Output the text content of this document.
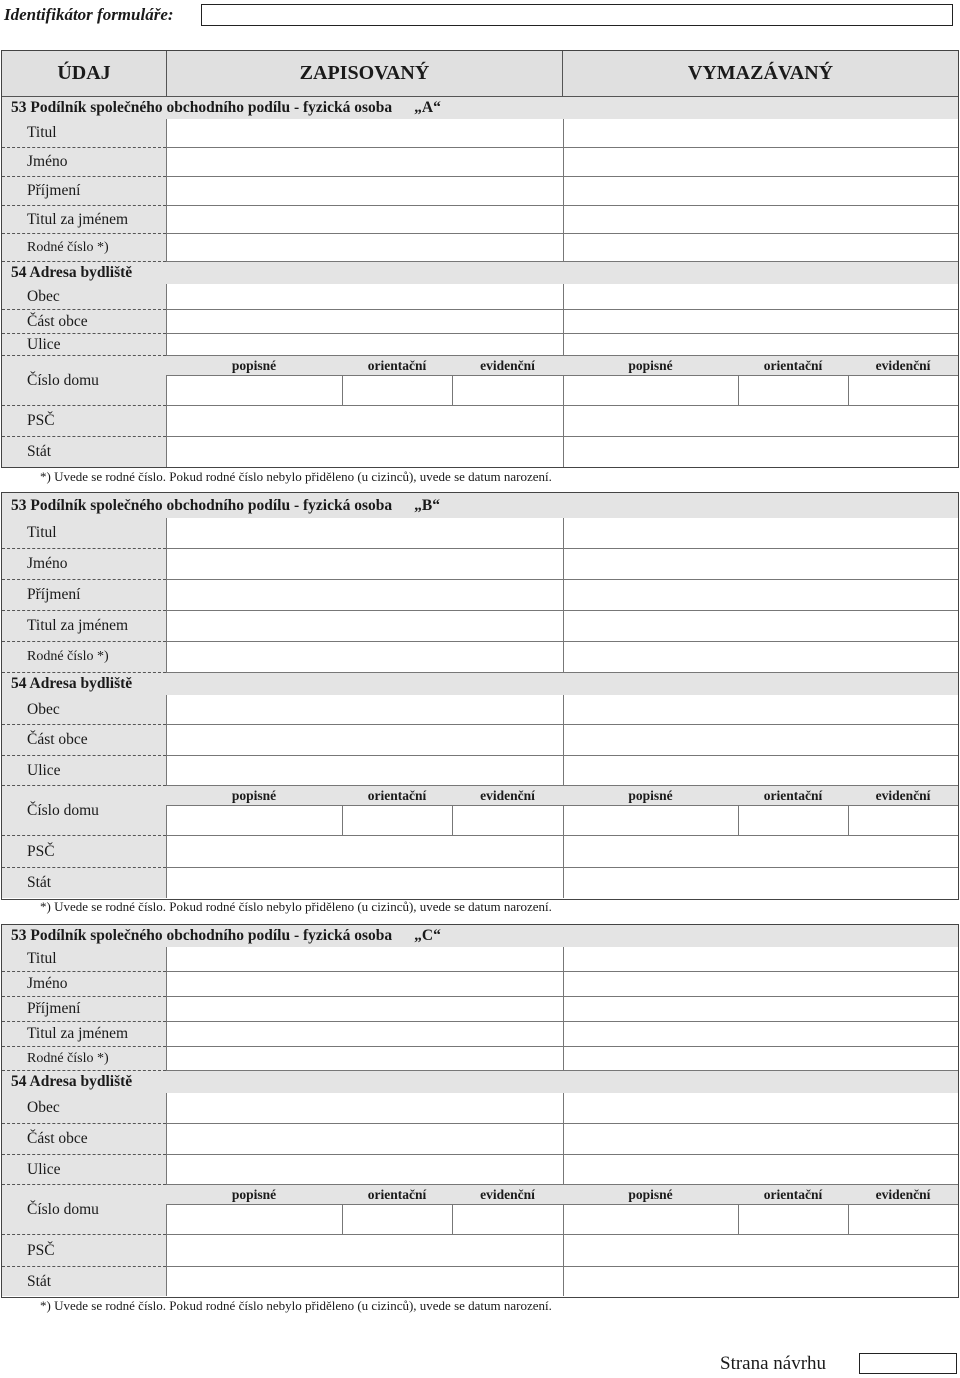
Identifikátor formuláře:
ÚDAJ	ZAPISOVANÝ	VYMAZÁVANÝ
53 Podílník společného obchodního podílu - fyzická osoba „A“
Titul
Jméno
Příjmení
Titul za jménem
Rodné číslo *)
54 Adresa bydliště
Obec
Část obce
Ulice
Číslo domu
popisné	orientační	evidenční	popisné	orientační	evidenční
PSČ
Stát
*) Uvede se rodné číslo. Pokud rodné číslo nebylo přiděleno (u cizinců), uvede se datum narození.
53 Podílník společného obchodního podílu - fyzická osoba „B“
Titul
Jméno
Příjmení
Titul za jménem
Rodné číslo *)
54 Adresa bydliště
Obec
Část obce
Ulice
Číslo domu
popisné	orientační	evidenční	popisné	orientační	evidenční
PSČ
Stát
*) Uvede se rodné číslo. Pokud rodné číslo nebylo přiděleno (u cizinců), uvede se datum narození.
53 Podílník společného obchodního podílu - fyzická osoba „C“
Titul
Jméno
Příjmení
Titul za jménem
Rodné číslo *)
54 Adresa bydliště
Obec
Část obce
Ulice
Číslo domu
popisné	orientační	evidenční	popisné	orientační	evidenční
PSČ
Stát
*) Uvede se rodné číslo. Pokud rodné číslo nebylo přiděleno (u cizinců), uvede se datum narození.
Strana návrhu
